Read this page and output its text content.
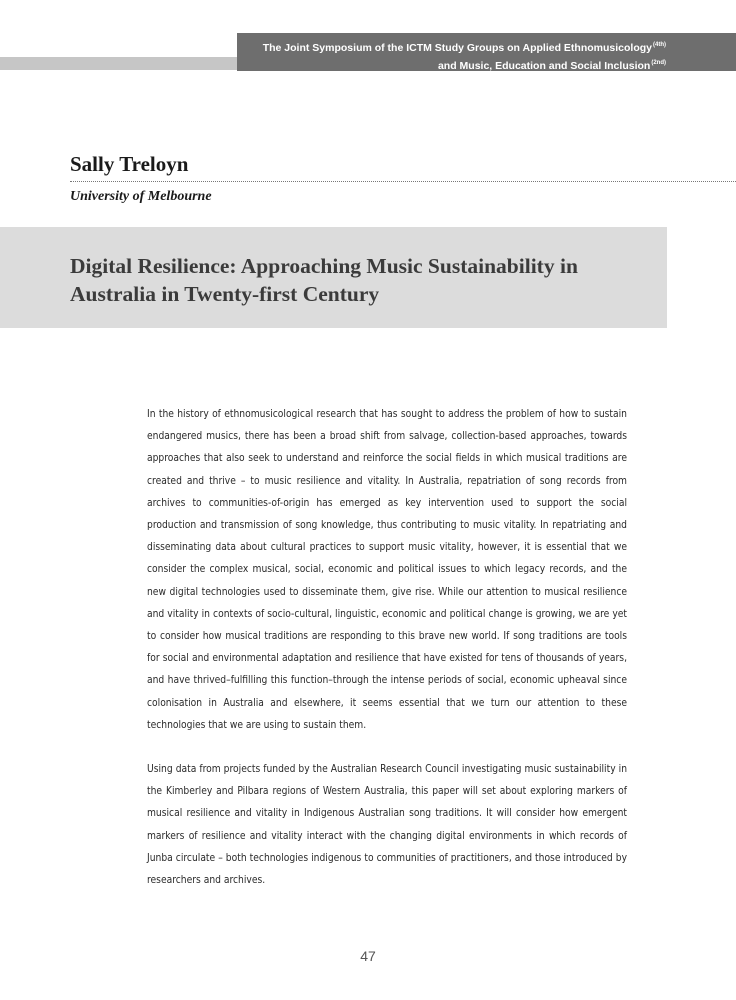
The Joint Symposium of the ICTM Study Groups on Applied Ethnomusicology$^{(4th)}$
and Music, Education and Social Inclusion$^{(2nd)}$
Sally Treloyn
University of Melbourne
Digital Resilience: Approaching Music Sustainability in Australia in Twenty-first Century

In the history of ethnomusicological research that has sought to address the problem of how to sustain endangered musics, there has been a broad shift from salvage, collection-based approaches, towards approaches that also seek to understand and reinforce the social fields in which musical traditions are created and thrive – to music resilience and vitality. In Australia, repatriation of song records from archives to communities-of-origin has emerged as key intervention used to support the social production and transmission of song knowledge, thus contributing to music vitality. In repatriating and disseminating data about cultural practices to support music vitality, however, it is essential that we consider the complex musical, social, economic and political issues to which legacy records, and the new digital technologies used to disseminate them, give rise. While our attention to musical resilience and vitality in contexts of socio-cultural, linguistic, economic and political change is growing, we are yet to consider how musical traditions are responding to this brave new world. If song traditions are tools for social and environmental adaptation and resilience that have existed for tens of thousands of years, and have thrived–fulfilling this function–through the intense periods of social, economic upheaval since colonisation in Australia and elsewhere, it seems essential that we turn our attention to these technologies that we are using to sustain them.

Using data from projects funded by the Australian Research Council investigating music sustainability in the Kimberley and Pilbara regions of Western Australia, this paper will set about exploring markers of musical resilience and vitality in Indigenous Australian song traditions. It will consider how emergent markers of resilience and vitality interact with the changing digital environments in which records of Junba circulate – both technologies indigenous to communities of practitioners, and those introduced by researchers and archives.

47
